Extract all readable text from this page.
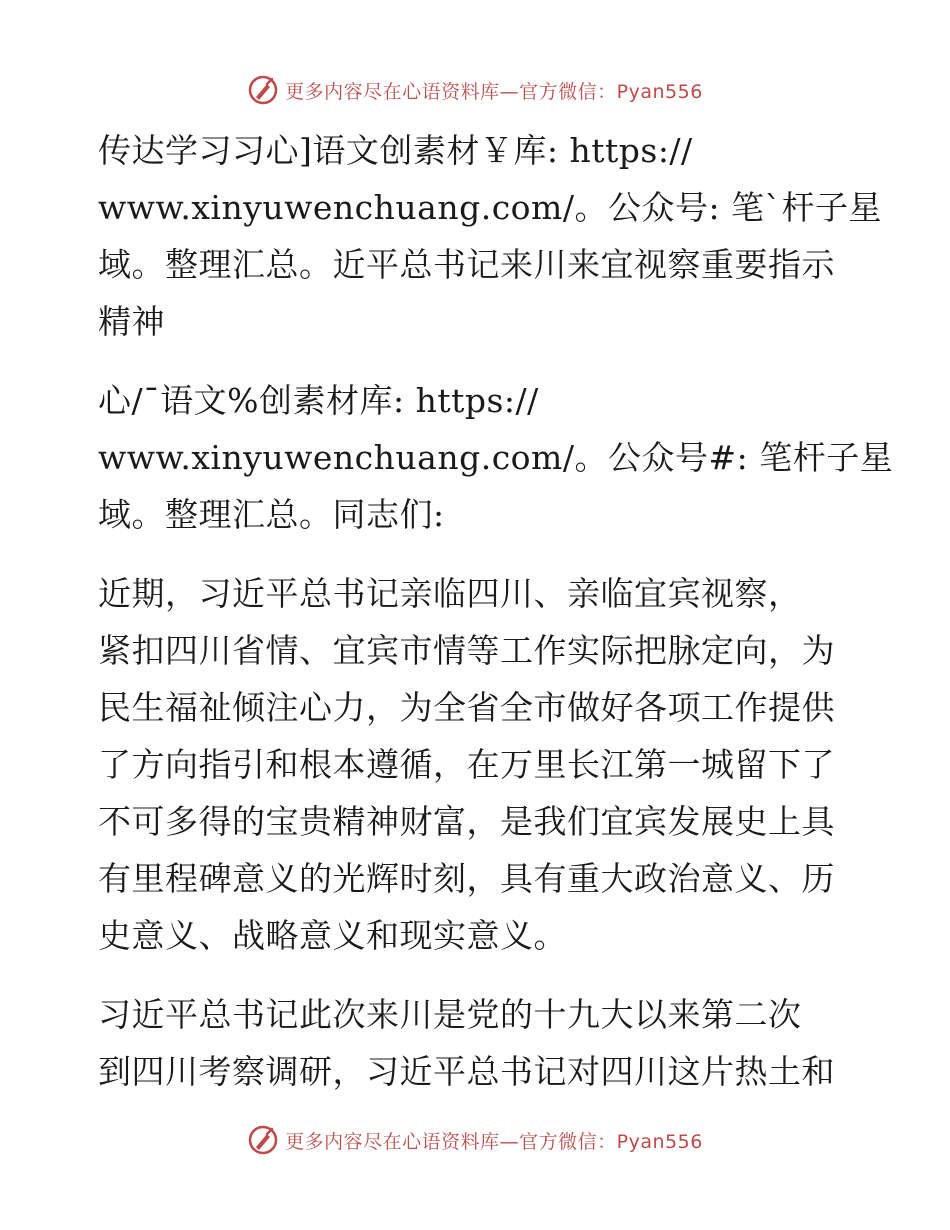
更多内容尽在心语资料库—官方微信：Pyan556
传达学习习心]语文创素材￥库: https://
www.xinyuwenchuang.com/。公众号: 笔`杆子星
域。整理汇总。近平总书记来川来宜视察重要指示
精神
心/¯语文%创素材库: https://
www.xinyuwenchuang.com/。公众号#: 笔杆子星
域。整理汇总。同志们:
近期，习近平总书记亲临四川、亲临宜宾视察，
紧扣四川省情、宜宾市情等工作实际把脉定向，为
民生福祉倾注心力，为全省全市做好各项工作提供
了方向指引和根本遵循，在万里长江第一城留下了
不可多得的宝贵精神财富，是我们宜宾发展史上具
有里程碑意义的光辉时刻，具有重大政治意义、历
史意义、战略意义和现实意义。
习近平总书记此次来川是党的十九大以来第二次
到四川考察调研，习近平总书记对四川这片热土和
更多内容尽在心语资料库—官方微信：Pyan556
